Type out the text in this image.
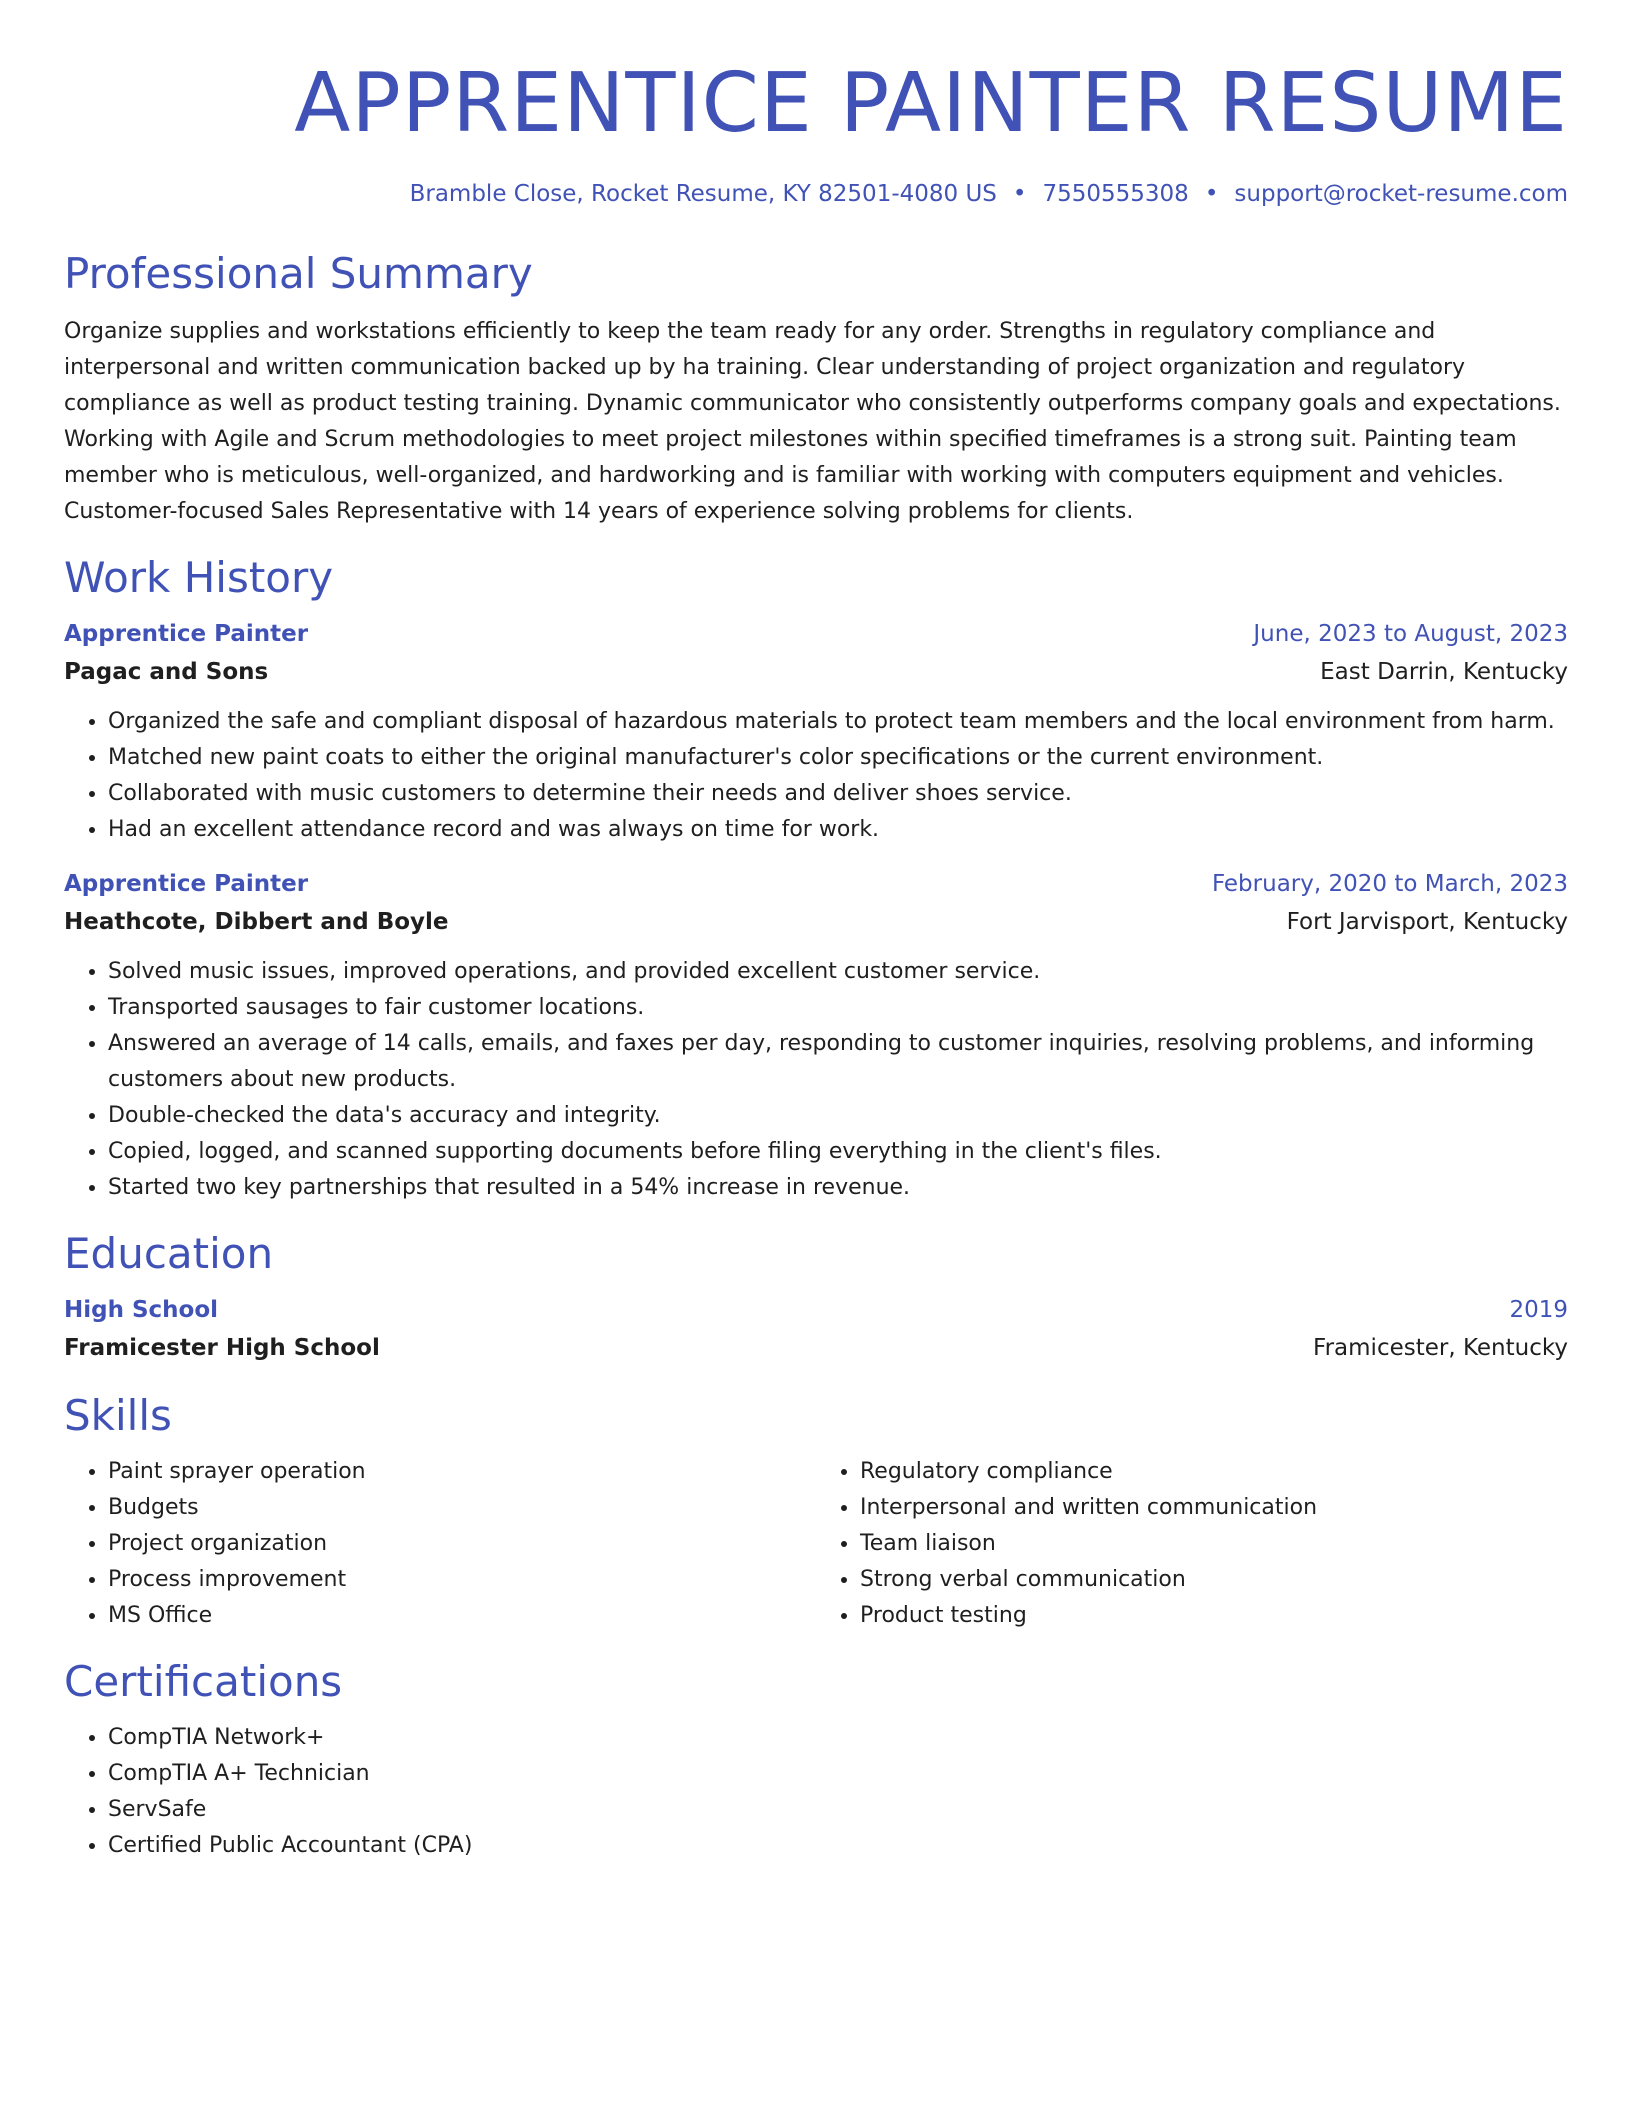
APPRENTICE PAINTER RESUME
Bramble Close, Rocket Resume, KY 82501-4080 US • 7550555308 • support@rocket-resume.com
Professional Summary

Organize supplies and workstations efficiently to keep the team ready for any order. Strengths in regulatory compliance and interpersonal and written communication backed up by ha training. Clear understanding of project organization and regulatory compliance as well as product testing training. Dynamic communicator who consistently outperforms company goals and expectations. Working with Agile and Scrum methodologies to meet project milestones within specified timeframes is a strong suit. Painting team member who is meticulous, well-organized, and hardworking and is familiar with working with computers equipment and vehicles. Customer-focused Sales Representative with 14 years of experience solving problems for clients.

Work History
Apprentice Painter	June, 2023 to August, 2023
Pagac and Sons	East Darrin, Kentucky
• Organized the safe and compliant disposal of hazardous materials to protect team members and the local environment from harm.
• Matched new paint coats to either the original manufacturer's color specifications or the current environment.
• Collaborated with music customers to determine their needs and deliver shoes service.
• Had an excellent attendance record and was always on time for work.
Apprentice Painter	February, 2020 to March, 2023
Heathcote, Dibbert and Boyle	Fort Jarvisport, Kentucky
• Solved music issues, improved operations, and provided excellent customer service.
• Transported sausages to fair customer locations.
• Answered an average of 14 calls, emails, and faxes per day, responding to customer inquiries, resolving problems, and informing customers about new products.
• Double-checked the data's accuracy and integrity.
• Copied, logged, and scanned supporting documents before filing everything in the client's files.
• Started two key partnerships that resulted in a 54% increase in revenue.
Education
High School	2019
Framicester High School	Framicester, Kentucky
Skills
• Paint sprayer operation
• Budgets
• Project organization
• Process improvement
• MS Office
• Regulatory compliance
• Interpersonal and written communication
• Team liaison
• Strong verbal communication
• Product testing
Certifications
• CompTIA Network+
• CompTIA A+ Technician
• ServSafe
• Certified Public Accountant (CPA)
